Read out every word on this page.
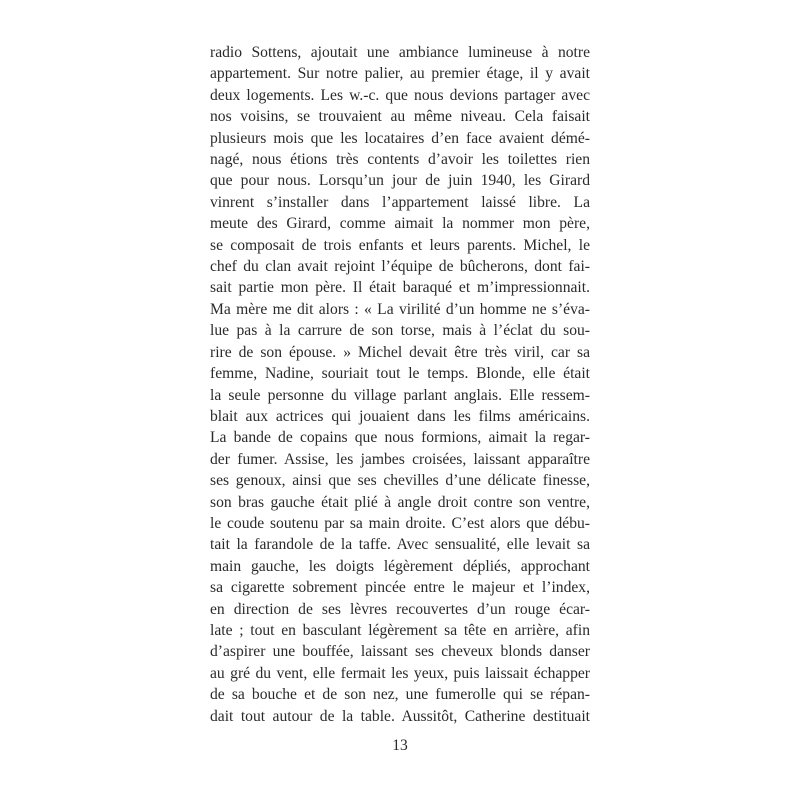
radio Sottens, ajoutait une ambiance lumineuse à notre
appartement. Sur notre palier, au premier étage, il y avait
deux logements. Les w.-c. que nous devions partager avec
nos voisins, se trouvaient au même niveau. Cela faisait
plusieurs mois que les locataires d’en face avaient démé-
nagé, nous étions très contents d’avoir les toilettes rien
que pour nous. Lorsqu’un jour de juin 1940, les Girard
vinrent s’installer dans l’appartement laissé libre. La
meute des Girard, comme aimait la nommer mon père,
se composait de trois enfants et leurs parents. Michel, le
chef du clan avait rejoint l’équipe de bûcherons, dont fai-
sait partie mon père. Il était baraqué et m’impressionnait.
Ma mère me dit alors : « La virilité d’un homme ne s’éva-
lue pas à la carrure de son torse, mais à l’éclat du sou-
rire de son épouse. » Michel devait être très viril, car sa
femme, Nadine, souriait tout le temps. Blonde, elle était
la seule personne du village parlant anglais. Elle ressem-
blait aux actrices qui jouaient dans les films américains.
La bande de copains que nous formions, aimait la regar-
der fumer. Assise, les jambes croisées, laissant apparaître
ses genoux, ainsi que ses chevilles d’une délicate finesse,
son bras gauche était plié à angle droit contre son ventre,
le coude soutenu par sa main droite. C’est alors que débu-
tait la farandole de la taffe. Avec sensualité, elle levait sa
main gauche, les doigts légèrement dépliés, approchant
sa cigarette sobrement pincée entre le majeur et l’index,
en direction de ses lèvres recouvertes d’un rouge écar-
late ; tout en basculant légèrement sa tête en arrière, afin
d’aspirer une bouffée, laissant ses cheveux blonds danser
au gré du vent, elle fermait les yeux, puis laissait échapper
de sa bouche et de son nez, une fumerolle qui se répan-
dait tout autour de la table. Aussitôt, Catherine destituait
13
